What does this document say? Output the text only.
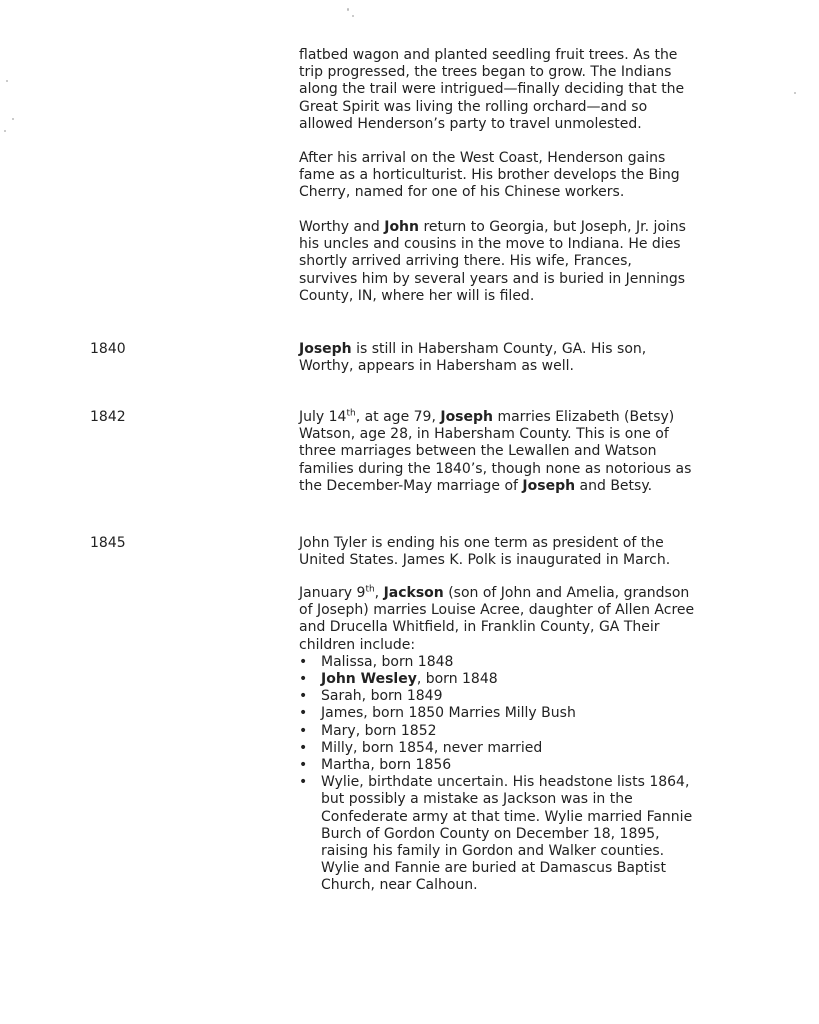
flatbed wagon and planted seedling fruit trees. As the

trip progressed, the trees began to grow. The Indians

along the trail were intrigued—finally deciding that the

Great Spirit was living the rolling orchard—and so

allowed Henderson’s party to travel unmolested.

After his arrival on the West Coast, Henderson gains

fame as a horticulturist. His brother develops the Bing

Cherry, named for one of his Chinese workers.

Worthy and John return to Georgia, but Joseph, Jr. joins

his uncles and cousins in the move to Indiana. He dies

shortly arrived arriving there. His wife, Frances,

survives him by several years and is buried in Jennings

County, IN, where her will is filed.

1840	Joseph is still in Habersham County, GA. His son,

Worthy, appears in Habersham as well.

1842	July 14th, at age 79, Joseph marries Elizabeth (Betsy)

Watson, age 28, in Habersham County. This is one of

three marriages between the Lewallen and Watson

families during the 1840’s, though none as notorious as

the December-May marriage of Joseph and Betsy.

1845	John Tyler is ending his one term as president of the

United States. James K. Polk is inaugurated in March.

January 9th, Jackson (son of John and Amelia, grandson

of Joseph) marries Louise Acree, daughter of Allen Acree

and Drucella Whitfield, in Franklin County, GA Their

children include:

• Malissa, born 1848
• John Wesley, born 1848
• Sarah, born 1849
• James, born 1850 Marries Milly Bush
• Mary, born 1852
• Milly, born 1854, never married
• Martha, born 1856
• Wylie, birthdate uncertain. His headstone lists 1864,

but possibly a mistake as Jackson was in the

Confederate army at that time. Wylie married Fannie

Burch of Gordon County on December 18, 1895,

raising his family in Gordon and Walker counties.

Wylie and Fannie are buried at Damascus Baptist

Church, near Calhoun.
